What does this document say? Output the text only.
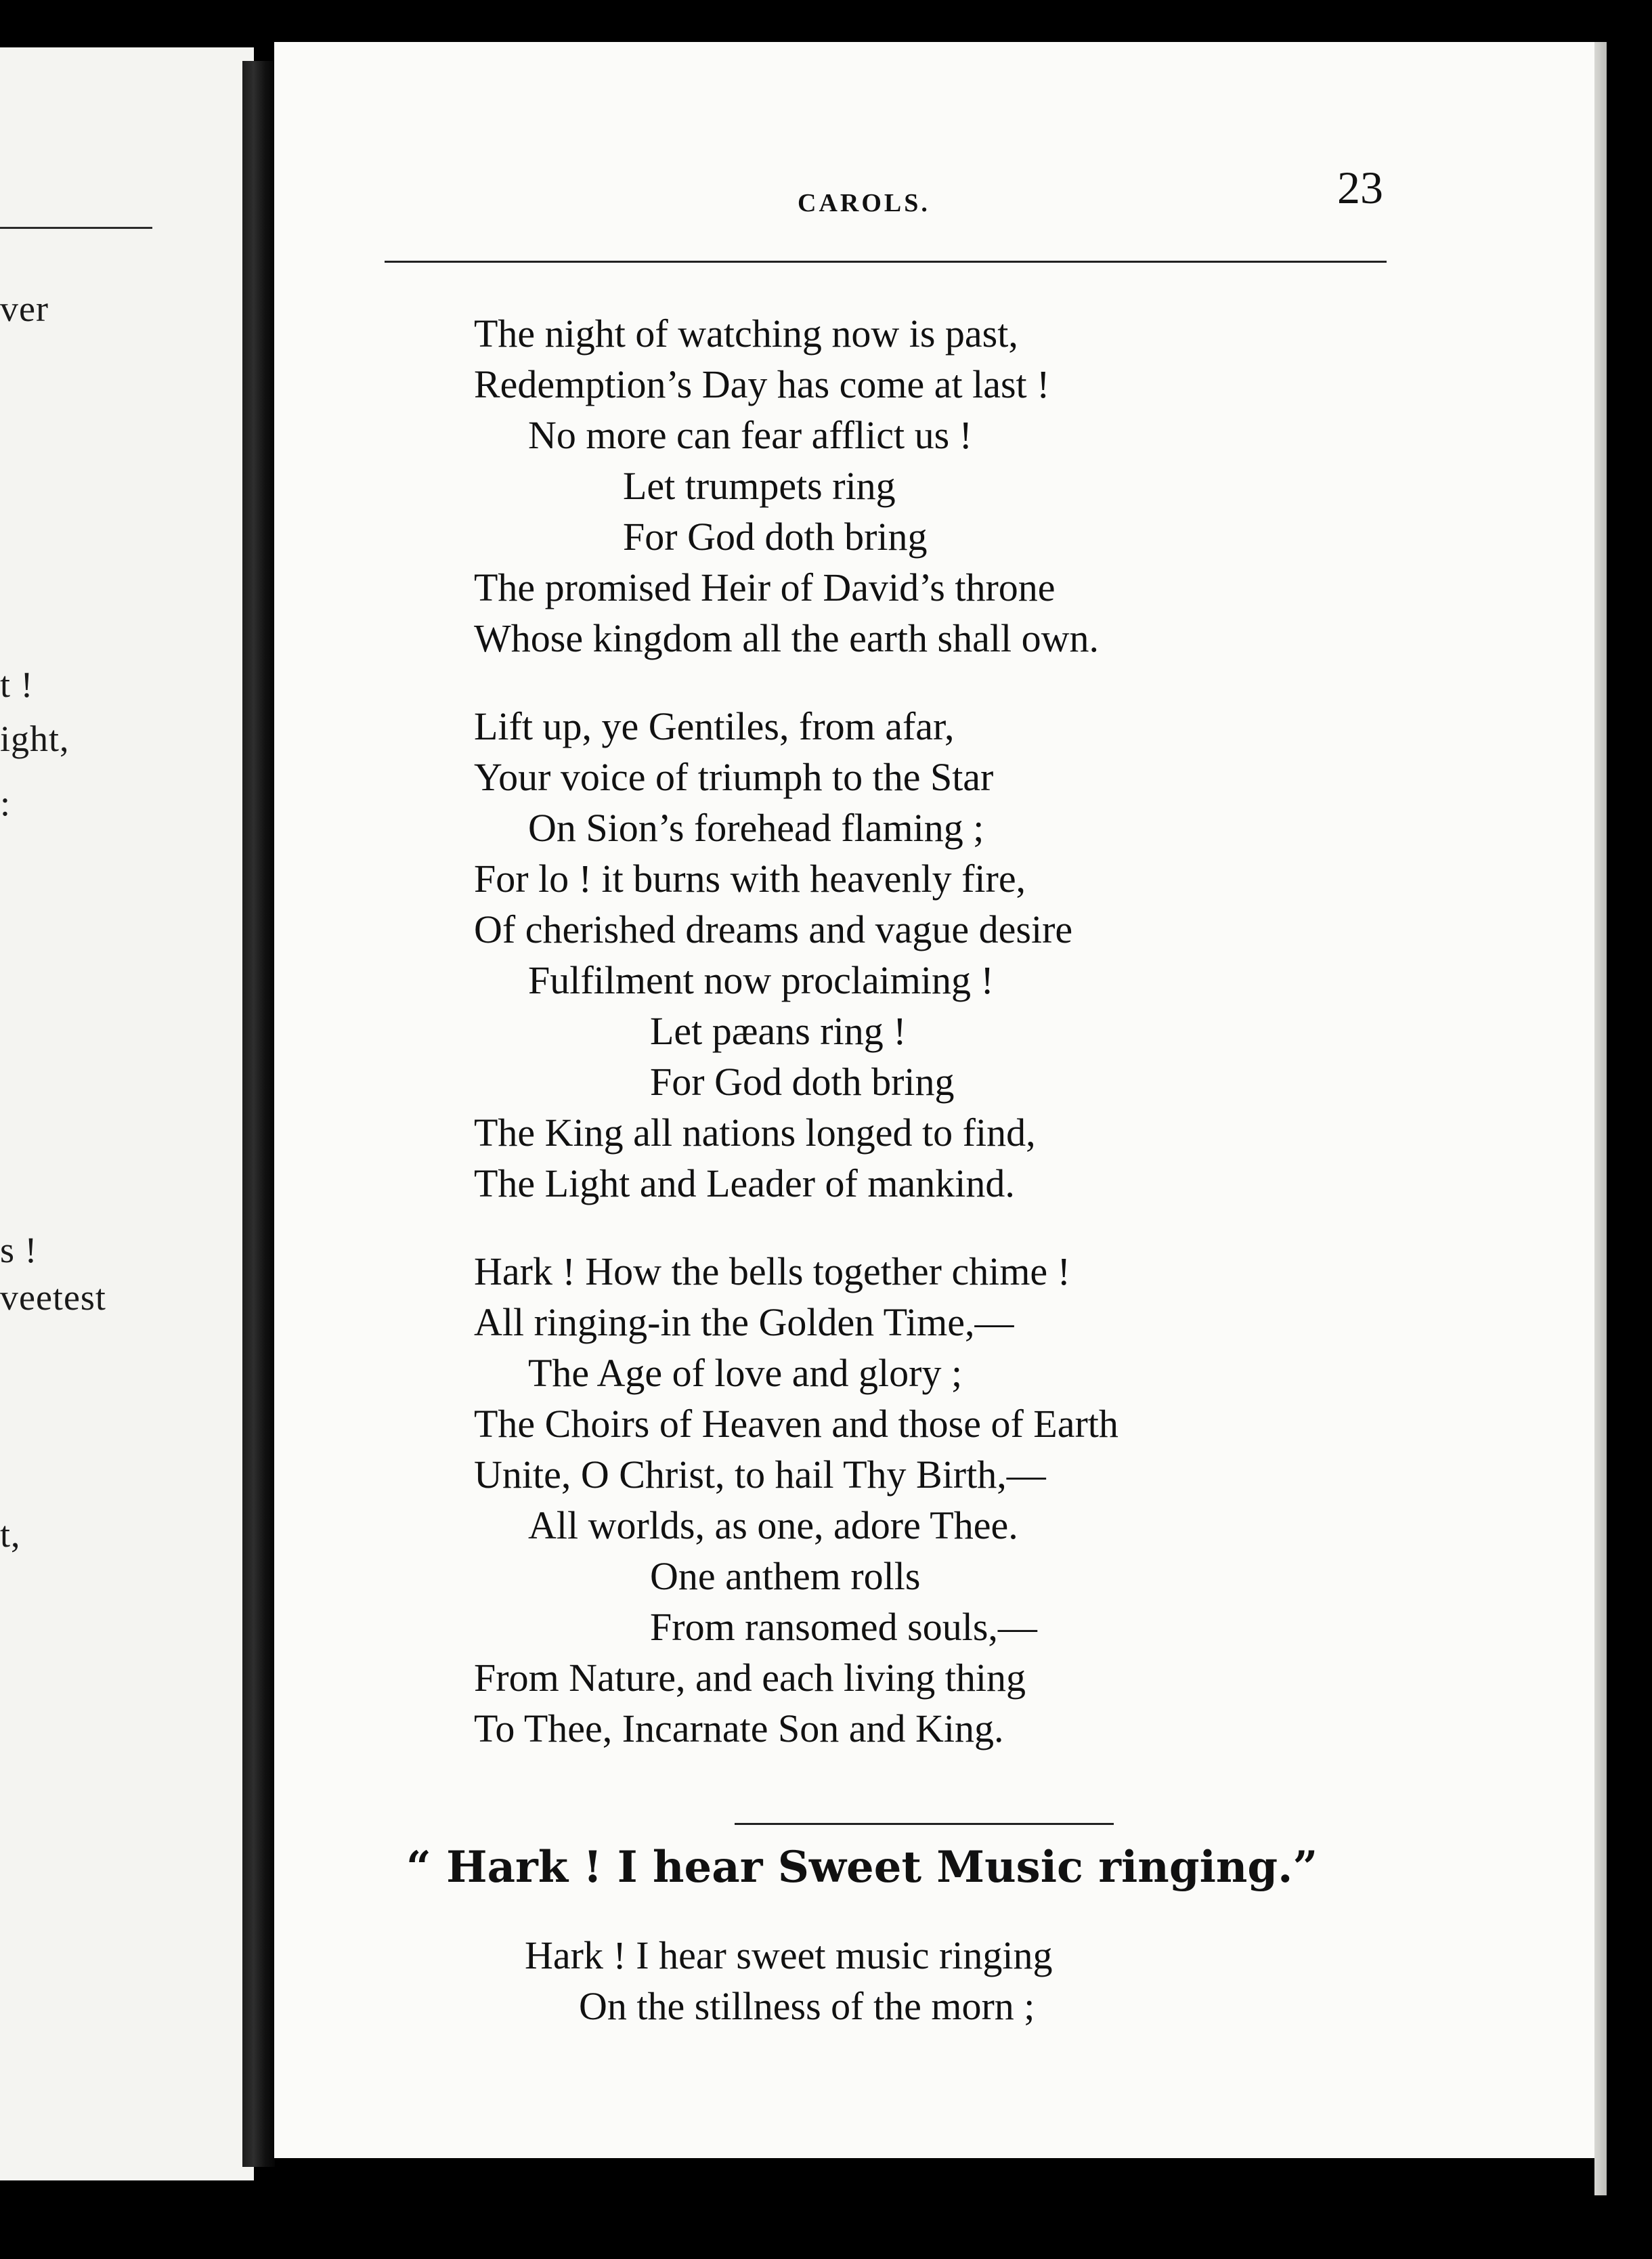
ver
t !
ight,
:
s !
veetest
t,
CAROLS.	23
The night of watching now is past,
Redemption’s Day has come at last !
No more can fear afflict us !
Let trumpets ring
For God doth bring
The promised Heir of David’s throne
Whose kingdom all the earth shall own.
Lift up, ye Gentiles, from afar,
Your voice of triumph to the Star
On Sion’s forehead flaming ;
For lo ! it burns with heavenly fire,
Of cherished dreams and vague desire
Fulfilment now proclaiming !
Let pæans ring !
For God doth bring
The King all nations longed to find,
The Light and Leader of mankind.
Hark ! How the bells together chime !
All ringing-in the Golden Time,—
The Age of love and glory ;
The Choirs of Heaven and those of Earth
Unite, O Christ, to hail Thy Birth,—
All worlds, as one, adore Thee.
One anthem rolls
From ransomed souls,—
From Nature, and each living thing
To Thee, Incarnate Son and King.
“ Hark ! I hear Sweet Music ringing.”
Hark ! I hear sweet music ringing
On the stillness of the morn ;
